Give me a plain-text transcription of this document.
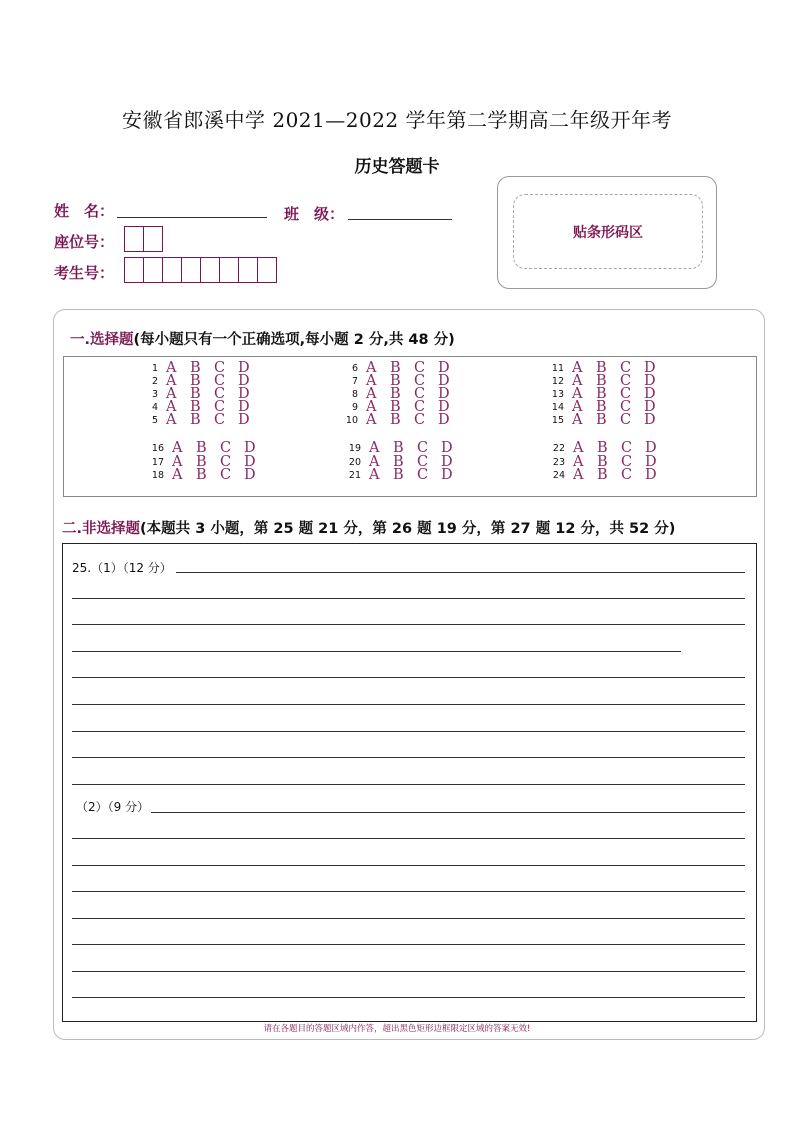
安徽省郎溪中学 2021—2022 学年第二学期高二年级开年考
历史答题卡
姓　名：	班　级：
座位号：
考生号：
贴条形码区
一.选择题(每小题只有一个正确选项,每小题 2 分,共 48 分)
1 A B C D
2 A B C D
3 A B C D
4 A B C D
5 A B C D
6 A B C D
7 A B C D
8 A B C D
9 A B C D
10 A B C D
11 A B C D
12 A B C D
13 A B C D
14 A B C D
15 A B C D
16 A B C D
17 A B C D
18 A B C D
19 A B C D
20 A B C D
21 A B C D
22 A B C D
23 A B C D
24 A B C D
二.非选择题(本题共 3 小题，第 25 题 21 分，第 26 题 19 分，第 27 题 12 分，共 52 分)
25.（1）（12 分）
（2）（9 分）
请在各题目的答题区域内作答，超出黑色矩形边框限定区域的答案无效!
